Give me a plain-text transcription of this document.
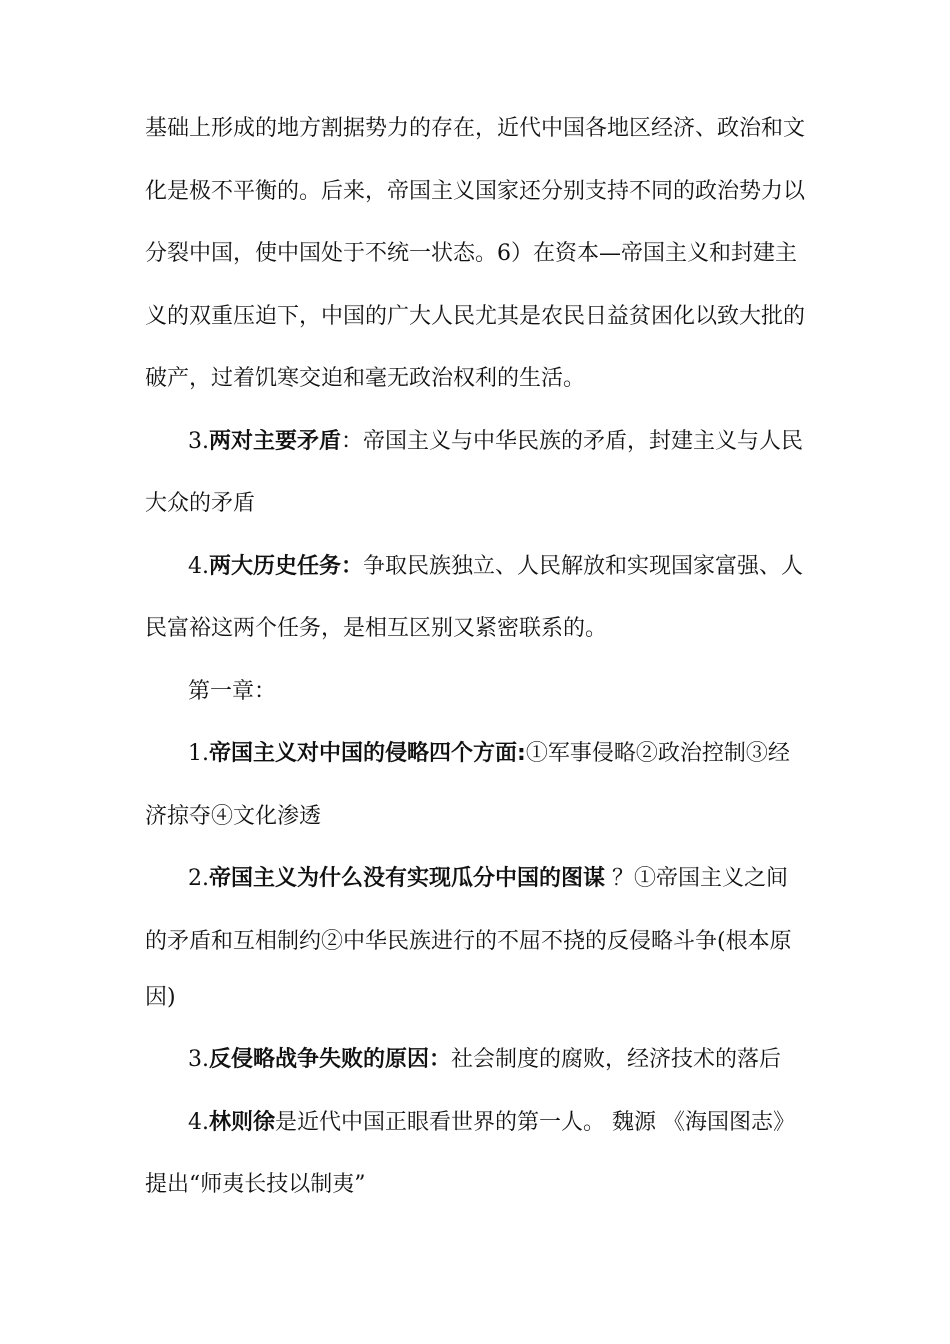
基础上形成的地方割据势力的存在，近代中国各地区经济、政治和文
化是极不平衡的。后来，帝国主义国家还分别支持不同的政治势力以
分裂中国，使中国处于不统一状态。6）在资本—帝国主义和封建主
义的双重压迫下，中国的广大人民尤其是农民日益贫困化以致大批的
破产，过着饥寒交迫和毫无政治权利的生活。
3.两对主要矛盾：帝国主义与中华民族的矛盾，封建主义与人民
大众的矛盾
4.两大历史任务：争取民族独立、人民解放和实现国家富强、人
民富裕这两个任务，是相互区别又紧密联系的。
第一章：
1.帝国主义对中国的侵略四个方面:①军事侵略②政治控制③经
济掠夺④文化渗透
2.帝国主义为什么没有实现瓜分中国的图谋 ？①帝国主义之间
的矛盾和互相制约②中华民族进行的不屈不挠的反侵略斗争(根本原
因)
3.反侵略战争失败的原因：社会制度的腐败，经济技术的落后
4.林则徐是近代中国正眼看世界的第一人。 魏源 《海国图志》
提出“师夷长技以制夷”
